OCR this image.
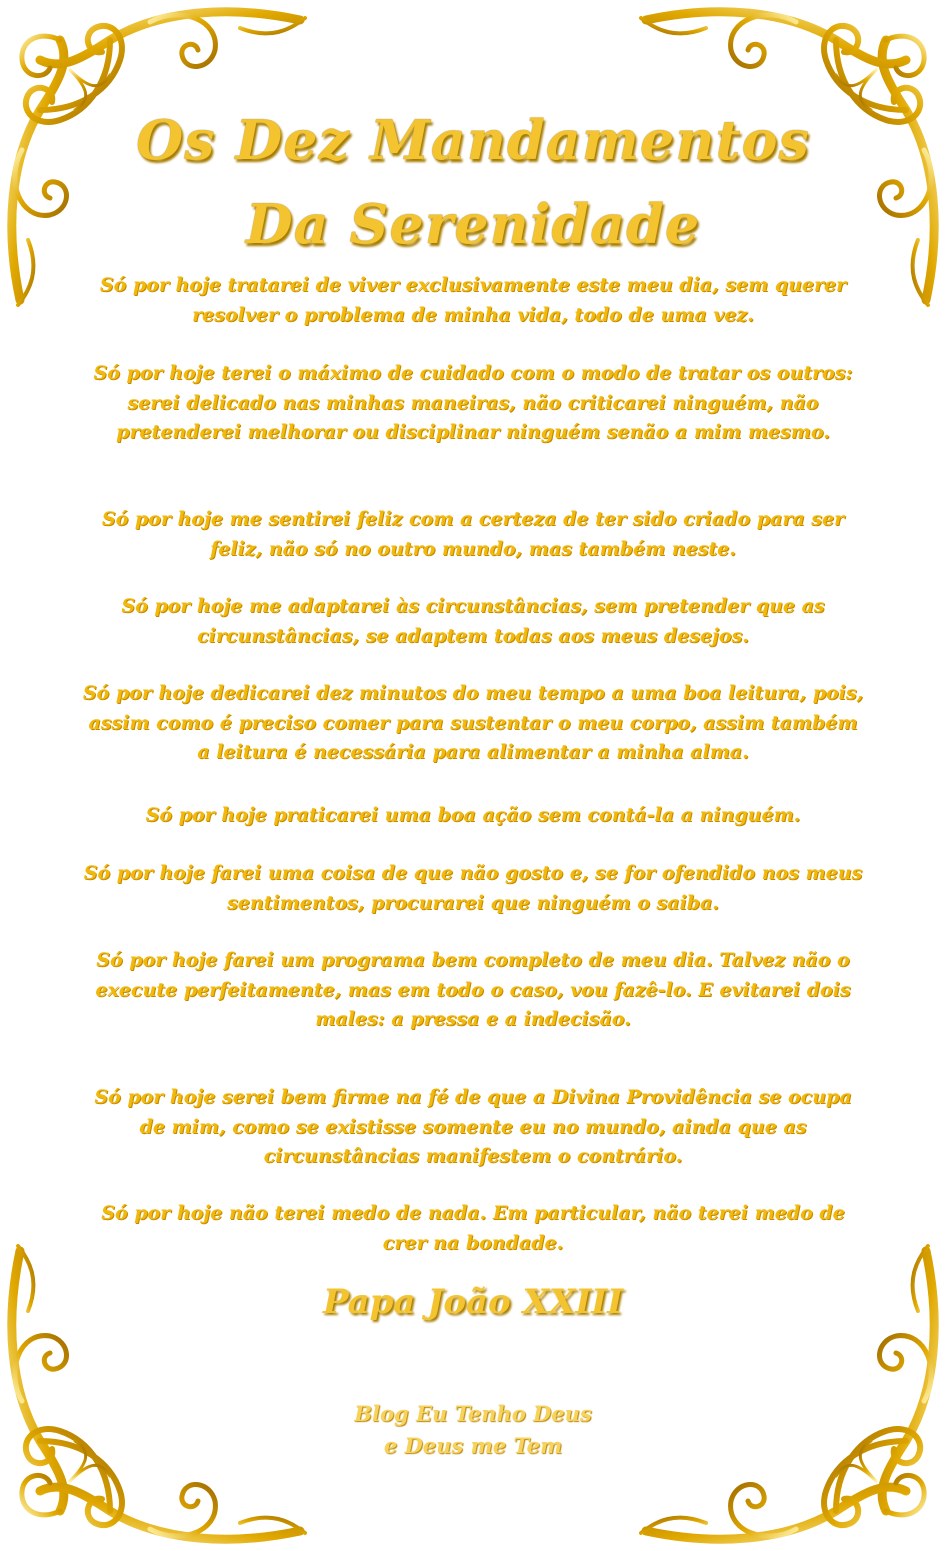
Os Dez Mandamentos
Da Serenidade

Só por hoje tratarei de viver exclusivamente este meu dia, sem querer resolver o problema de minha vida, todo de uma vez.

Só por hoje terei o máximo de cuidado com o modo de tratar os outros: serei delicado nas minhas maneiras, não criticarei ninguém, não pretenderei melhorar ou disciplinar ninguém senão a mim mesmo.

Só por hoje me sentirei feliz com a certeza de ter sido criado para ser feliz, não só no outro mundo, mas também neste.

Só por hoje me adaptarei às circunstâncias, sem pretender que as circunstâncias, se adaptem todas aos meus desejos.

Só por hoje dedicarei dez minutos do meu tempo a uma boa leitura, pois, assim como é preciso comer para sustentar o meu corpo, assim também a leitura é necessária para alimentar a minha alma.

Só por hoje praticarei uma boa ação sem contá-la a ninguém.

Só por hoje farei uma coisa de que não gosto e, se for ofendido nos meus sentimentos, procurarei que ninguém o saiba.

Só por hoje farei um programa bem completo de meu dia. Talvez não o execute perfeitamente, mas em todo o caso, vou fazê-lo. E evitarei dois males: a pressa e a indecisão.

Só por hoje serei bem firme na fé de que a Divina Providência se ocupa de mim, como se existisse somente eu no mundo, ainda que as circunstâncias manifestem o contrário.

Só por hoje não terei medo de nada. Em particular, não terei medo de crer na bondade.

Papa João XXIII
Blog Eu Tenho Deus
e Deus me Tem
